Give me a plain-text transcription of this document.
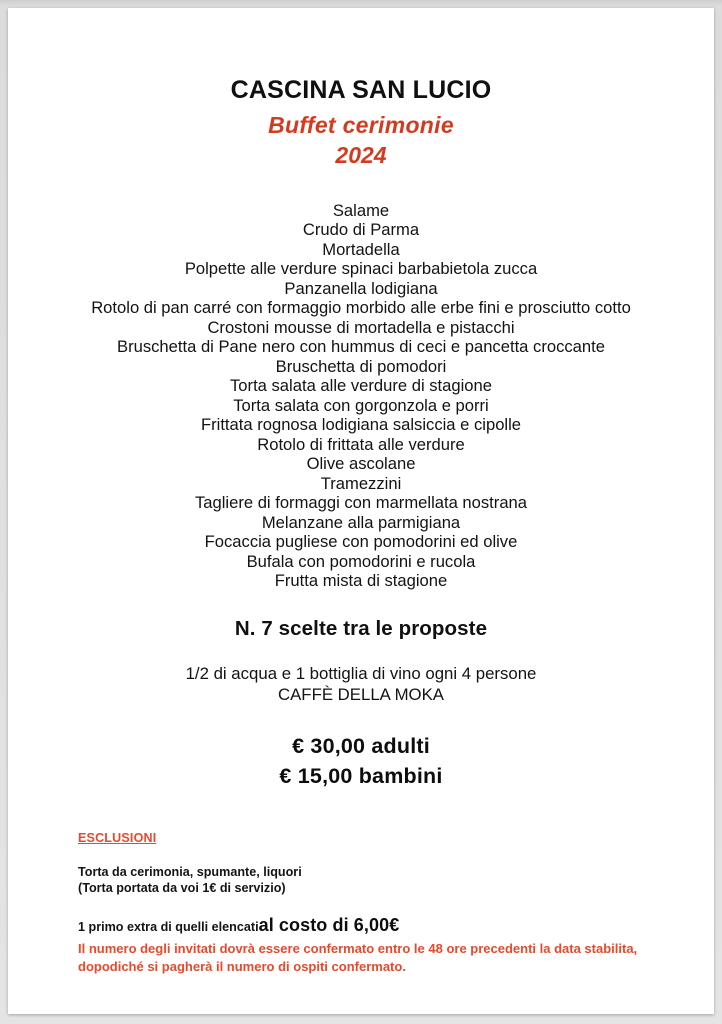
CASCINA SAN LUCIO
Buffet cerimonie
2024
Salame
Crudo di Parma
Mortadella
Polpette alle verdure spinaci barbabietola zucca
Panzanella lodigiana
Rotolo di pan carré con formaggio morbido alle erbe fini e prosciutto cotto
Crostoni mousse di mortadella e pistacchi
Bruschetta di Pane nero con hummus di ceci e pancetta croccante
Bruschetta di pomodori
Torta salata alle verdure di stagione
Torta salata con gorgonzola e porri
Frittata rognosa lodigiana salsiccia e cipolle
Rotolo di frittata alle verdure
Olive ascolane
Tramezzini
Tagliere di formaggi con marmellata nostrana
Melanzane alla parmigiana
Focaccia pugliese con pomodorini ed olive
Bufala con pomodorini e rucola
Frutta mista di stagione
N. 7 scelte tra le proposte
1/2 di acqua e 1 bottiglia di vino ogni 4 persone
CAFFÈ DELLA MOKA
€ 30,00 adulti
€ 15,00 bambini
ESCLUSIONI
Torta da cerimonia, spumante, liquori
(Torta portata da voi 1€ di servizio)
1 primo extra di quelli elencatial costo di 6,00€
Il numero degli invitati dovrà essere confermato entro le 48 ore precedenti la data stabilita, dopodiché si pagherà il numero di ospiti confermato.
